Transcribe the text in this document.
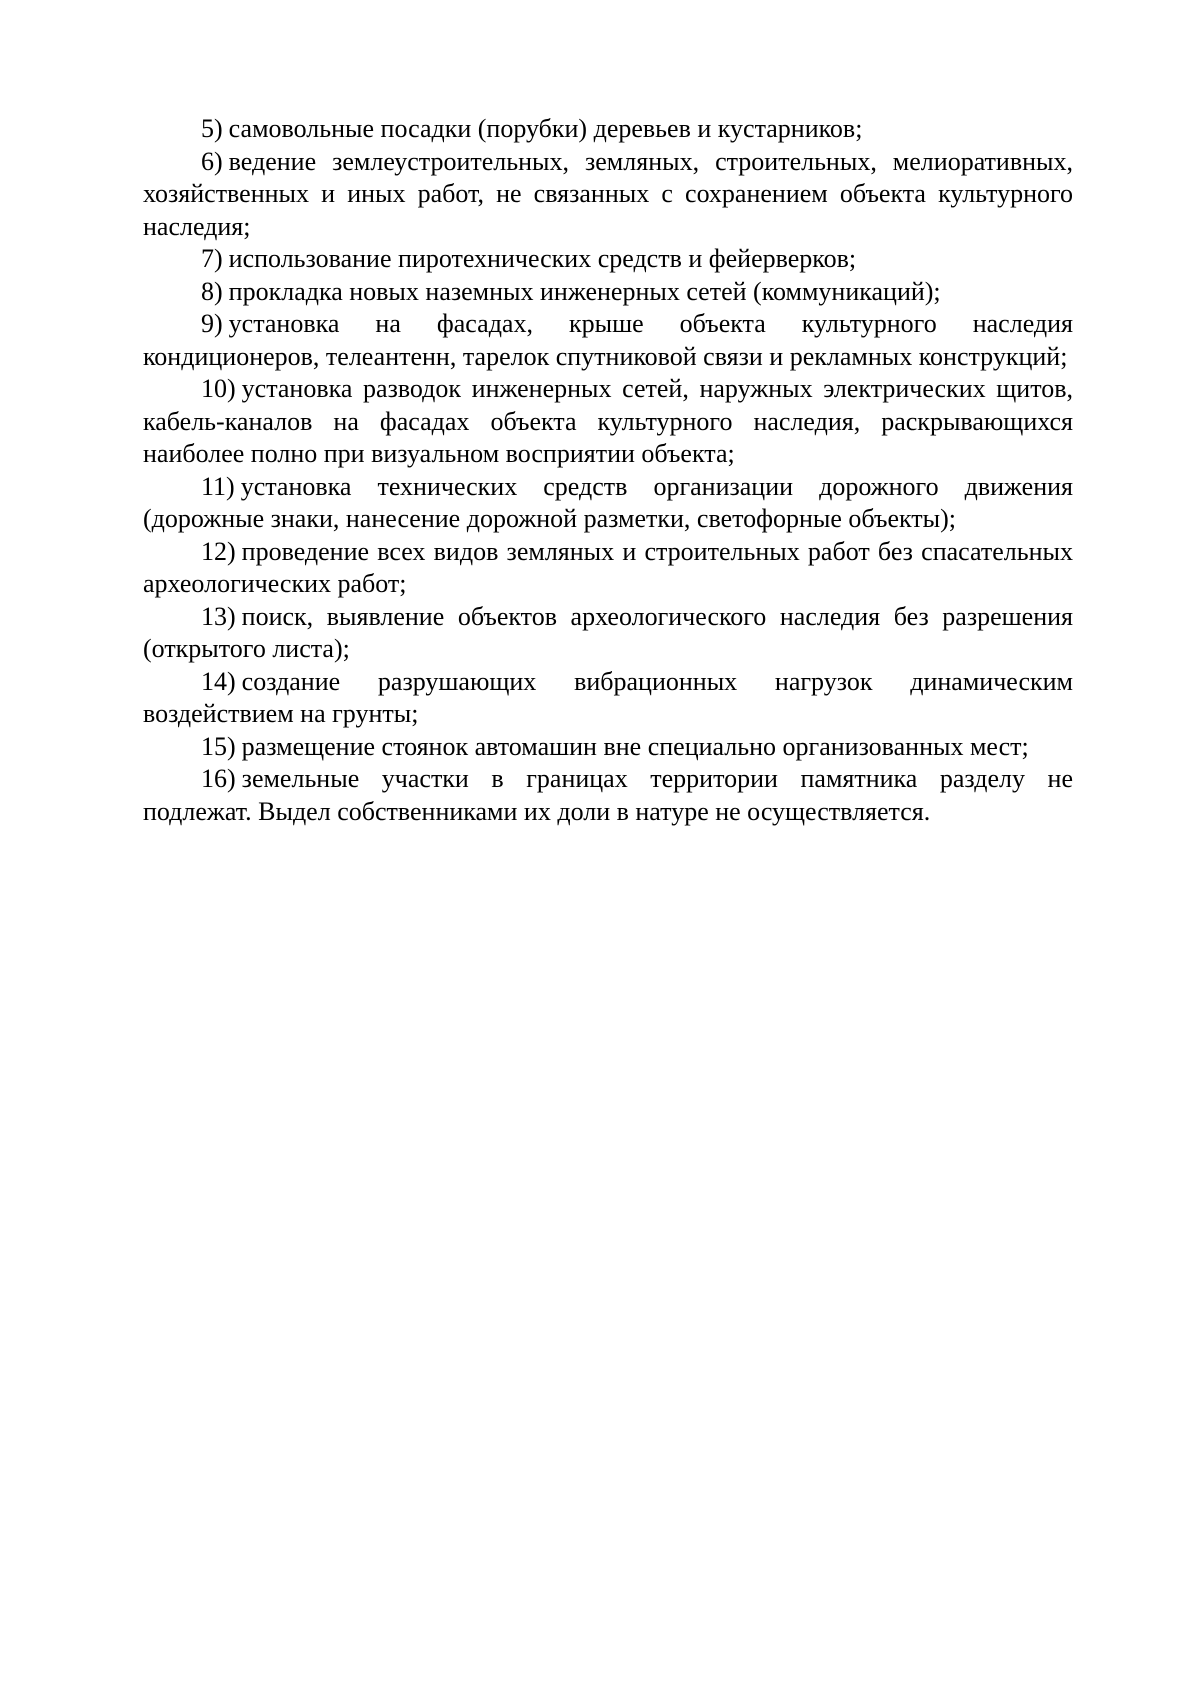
5) самовольные посадки (порубки) деревьев и кустарников;

6) ведение землеустроительных, земляных, строительных, мелиоративных, хозяйственных и иных работ, не связанных с сохранением объекта культурного наследия;

7) использование пиротехнических средств и фейерверков;

8) прокладка новых наземных инженерных сетей (коммуникаций);

9) установка на фасадах, крыше объекта культурного наследия кондиционеров, телеантенн, тарелок спутниковой связи и рекламных конструкций;

10) установка разводок инженерных сетей, наружных электрических щитов, кабель-каналов на фасадах объекта культурного наследия, раскрывающихся наиболее полно при визуальном восприятии объекта;

11) установка технических средств организации дорожного движения (дорожные знаки, нанесение дорожной разметки, светофорные объекты);

12) проведение всех видов земляных и строительных работ без спасательных археологических работ;

13) поиск, выявление объектов археологического наследия без разрешения (открытого листа);

14) создание разрушающих вибрационных нагрузок динамическим воздействием на грунты;

15) размещение стоянок автомашин вне специально организованных мест;

16) земельные участки в границах территории памятника разделу не подлежат. Выдел собственниками их доли в натуре не осуществляется.
